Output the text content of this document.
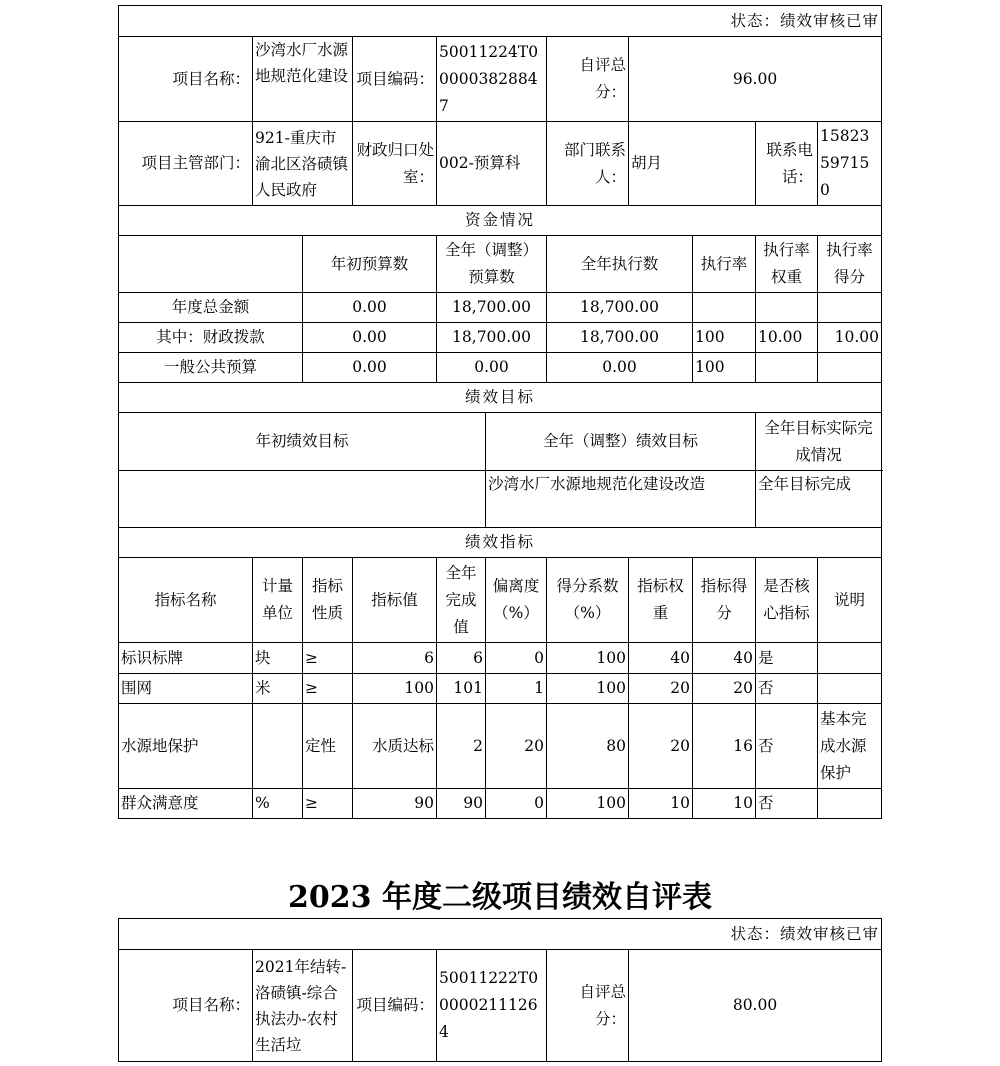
状态：绩效审核已审										
项目名称：	沙湾水厂水源地规范化建设		项目编码：	50011224T000003828847		自评总分：	96.00			
项目主管部门：	921-重庆市渝北区洛碛镇人民政府		财政归口处室：	002-预算科		部门联系人：	胡月		联系电话：	15823597150
资金情况										
		年初预算数		全年（调整）预算数		全年执行数		执行率	执行率权重	执行率得分
年度总金额		0.00		18,700.00		18,700.00				
其中：财政拨款		0.00		18,700.00		18,700.00		100	10.00	10.00
一般公共预算		0.00		0.00		0.00		100		
绩效目标										
年初绩效目标					全年（调整）绩效目标				全年目标实际完成情况	
					沙湾水厂水源地规范化建设改造				全年目标完成	
绩效指标										
指标名称	计量单位	指标性质	指标值	全年完成值	偏离度（%）	得分系数（%）	指标权重	指标得分	是否核心指标	说明
标识标牌	块	≥	6	6	0	100	40	40	是	
围网	米	≥	100	101	1	100	20	20	否	
水源地保护		定性	水质达标	2	20	80	20	16	否	基本完成水源保护
群众满意度	%	≥	90	90	0	100	10	10	否	
2023 年度二级项目绩效自评表
状态：绩效审核已审
项目名称：	2021年结转-洛碛镇-综合执法办-农村生活垃	项目编码：	50011222T000002111264	自评总分：	80.00
